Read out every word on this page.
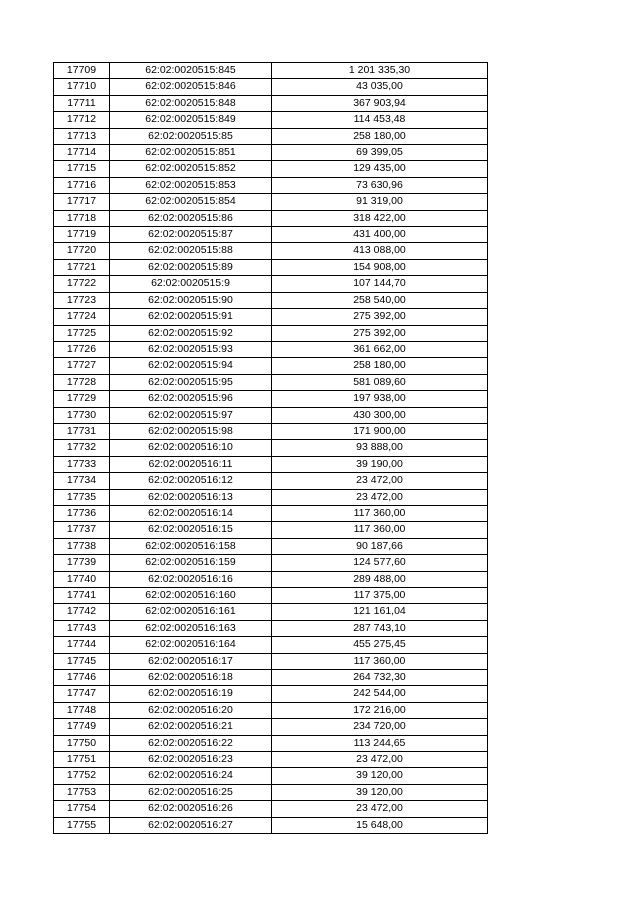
17709	62:02:0020515:845	1 201 335,30
17710	62:02:0020515:846	43 035,00
17711	62:02:0020515:848	367 903,94
17712	62:02:0020515:849	114 453,48
17713	62:02:0020515:85	258 180,00
17714	62:02:0020515:851	69 399,05
17715	62:02:0020515:852	129 435,00
17716	62:02:0020515:853	73 630,96
17717	62:02:0020515:854	91 319,00
17718	62:02:0020515:86	318 422,00
17719	62:02:0020515:87	431 400,00
17720	62:02:0020515:88	413 088,00
17721	62:02:0020515:89	154 908,00
17722	62:02:0020515:9	107 144,70
17723	62:02:0020515:90	258 540,00
17724	62:02:0020515:91	275 392,00
17725	62:02:0020515:92	275 392,00
17726	62:02:0020515:93	361 662,00
17727	62:02:0020515:94	258 180,00
17728	62:02:0020515:95	581 089,60
17729	62:02:0020515:96	197 938,00
17730	62:02:0020515:97	430 300,00
17731	62:02:0020515:98	171 900,00
17732	62:02:0020516:10	93 888,00
17733	62:02:0020516:11	39 190,00
17734	62:02:0020516:12	23 472,00
17735	62:02:0020516:13	23 472,00
17736	62:02:0020516:14	117 360,00
17737	62:02:0020516:15	117 360,00
17738	62:02:0020516:158	90 187,66
17739	62:02:0020516:159	124 577,60
17740	62:02:0020516:16	289 488,00
17741	62:02:0020516:160	117 375,00
17742	62:02:0020516:161	121 161,04
17743	62:02:0020516:163	287 743,10
17744	62:02:0020516:164	455 275,45
17745	62:02:0020516:17	117 360,00
17746	62:02:0020516:18	264 732,30
17747	62:02:0020516:19	242 544,00
17748	62:02:0020516:20	172 216,00
17749	62:02:0020516:21	234 720,00
17750	62:02:0020516:22	113 244,65
17751	62:02:0020516:23	23 472,00
17752	62:02:0020516:24	39 120,00
17753	62:02:0020516:25	39 120,00
17754	62:02:0020516:26	23 472,00
17755	62:02:0020516:27	15 648,00
